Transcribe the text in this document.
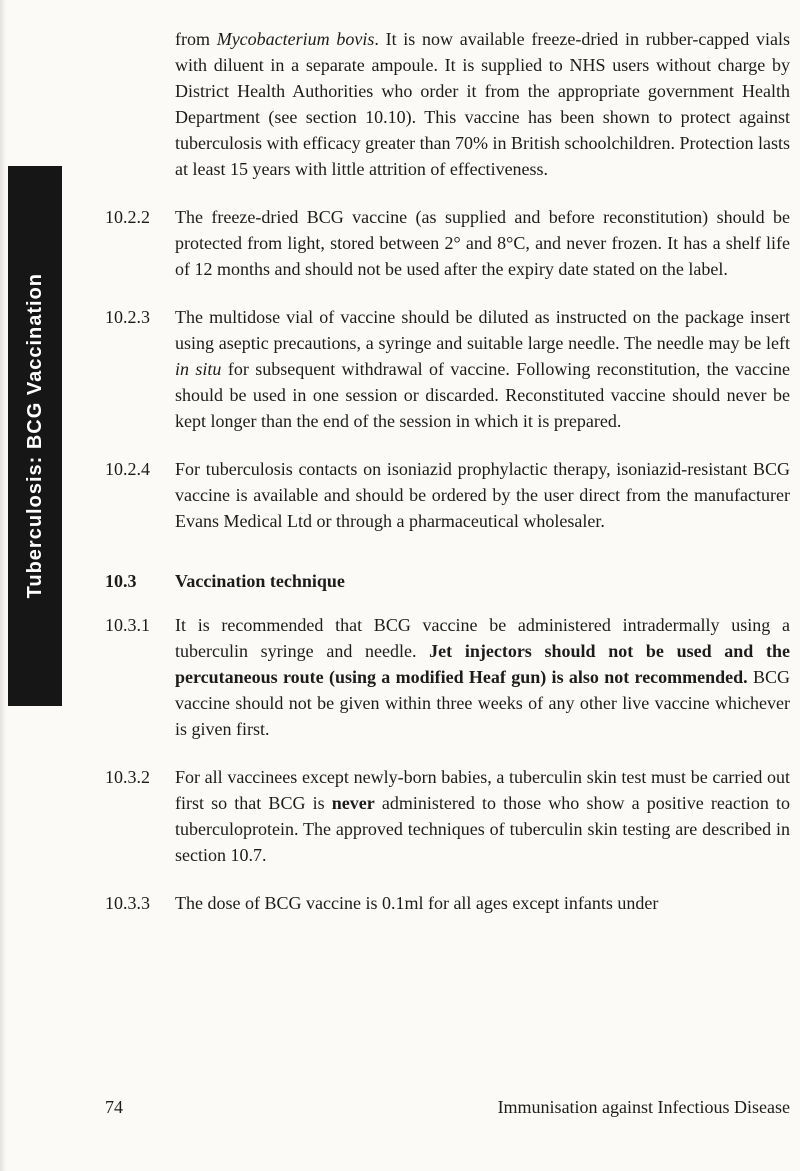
Tuberculosis: BCG Vaccination
from Mycobacterium bovis. It is now available freeze-dried in rubber-capped vials with diluent in a separate ampoule. It is supplied to NHS users without charge by District Health Authorities who order it from the appropriate government Health Department (see section 10.10). This vaccine has been shown to protect against tuberculosis with efficacy greater than 70% in British schoolchildren. Protection lasts at least 15 years with little attrition of effectiveness.
10.2.2	The freeze-dried BCG vaccine (as supplied and before reconstitution) should be protected from light, stored between 2° and 8°C, and never frozen. It has a shelf life of 12 months and should not be used after the expiry date stated on the label.
10.2.3	The multidose vial of vaccine should be diluted as instructed on the package insert using aseptic precautions, a syringe and suitable large needle. The needle may be left in situ for subsequent withdrawal of vaccine. Following reconstitution, the vaccine should be used in one session or discarded. Reconstituted vaccine should never be kept longer than the end of the session in which it is prepared.
10.2.4	For tuberculosis contacts on isoniazid prophylactic therapy, isoniazid-resistant BCG vaccine is available and should be ordered by the user direct from the manufacturer Evans Medical Ltd or through a pharmaceutical wholesaler.
10.3	Vaccination technique
10.3.1	It is recommended that BCG vaccine be administered intradermally using a tuberculin syringe and needle. Jet injectors should not be used and the percutaneous route (using a modified Heaf gun) is also not recommended. BCG vaccine should not be given within three weeks of any other live vaccine whichever is given first.
10.3.2	For all vaccinees except newly-born babies, a tuberculin skin test must be carried out first so that BCG is never administered to those who show a positive reaction to tuberculoprotein. The approved techniques of tuberculin skin testing are described in section 10.7.
10.3.3	The dose of BCG vaccine is 0.1ml for all ages except infants under
74	Immunisation against Infectious Disease
